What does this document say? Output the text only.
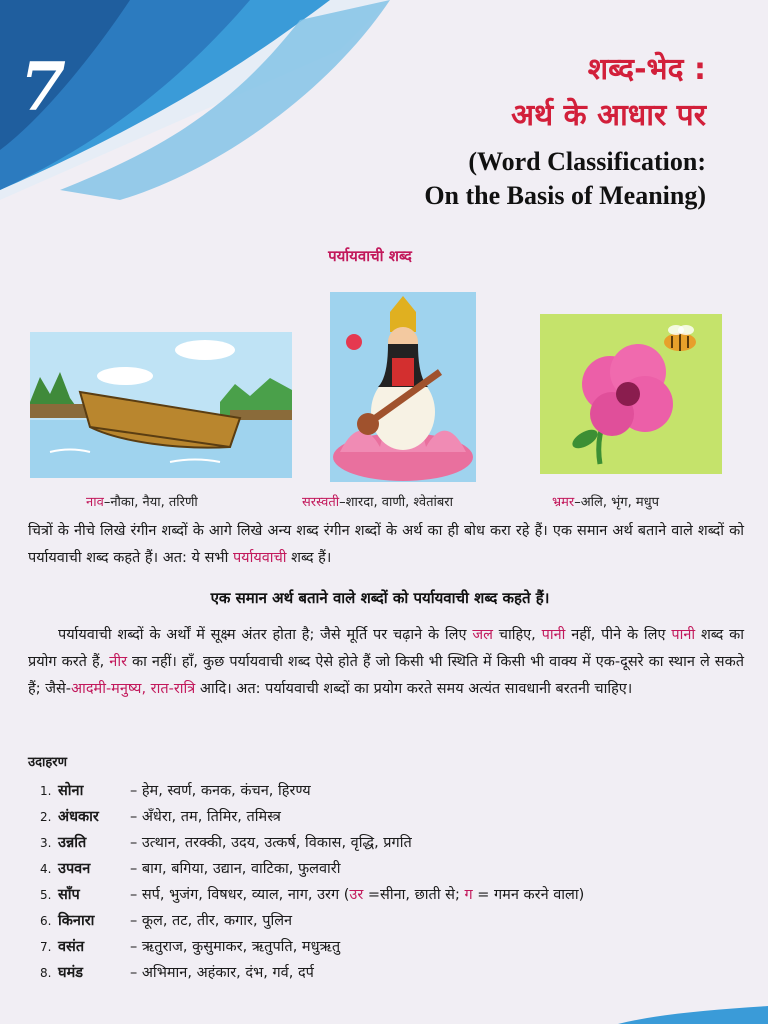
7	शब्द-भेद :
अर्थ के आधार पर
(Word Classification:
On the Basis of Meaning)
पर्यायवाची शब्द
नाव–नौका, नैया, तरिणी	सरस्वती–शारदा, वाणी, श्वेतांबरा	भ्रमर–अलि, भृंग, मधुप
चित्रों के नीचे लिखे रंगीन शब्दों के आगे लिखे अन्य शब्द रंगीन शब्दों के अर्थ का ही बोध करा रहे हैं। एक समान अर्थ बताने वाले शब्दों को पर्यायवाची शब्द कहते हैं। अत: ये सभी पर्यायवाची शब्द हैं।
एक समान अर्थ बताने वाले शब्दों को पर्यायवाची शब्द कहते हैं।
पर्यायवाची शब्दों के अर्थों में सूक्ष्म अंतर होता है; जैसे मूर्ति पर चढ़ाने के लिए जल चाहिए, पानी नहीं, पीने के लिए पानी शब्द का प्रयोग करते हैं, नीर का नहीं। हाँ, कुछ पर्यायवाची शब्द ऐसे होते हैं जो किसी भी स्थिति में किसी भी वाक्य में एक-दूसरे का स्थान ले सकते हैं; जैसे-आदमी-मनुष्य, रात-रात्रि आदि। अत: पर्यायवाची शब्दों का प्रयोग करते समय अत्यंत सावधानी बरतनी चाहिए।
उदाहरण
1. सोना	– हेम, स्वर्ण, कनक, कंचन, हिरण्य
2. अंधकार – अँधेरा, तम, तिमिर, तमिस्त्र
3. उन्नति	– उत्थान, तरक्की, उदय, उत्कर्ष, विकास, वृद्धि, प्रगति
4. उपवन	– बाग, बगिया, उद्यान, वाटिका, फुलवारी
5. साँप	– सर्प, भुजंग, विषधर, व्याल, नाग, उरग (उर =सीना, छाती से; ग = गमन करने वाला)
6. किनारा – कूल, तट, तीर, कगार, पुलिन
7. वसंत	– ऋतुराज, कुसुमाकर, ऋतुपति, मधुऋतु
8. घमंड	– अभिमान, अहंकार, दंभ, गर्व, दर्प
